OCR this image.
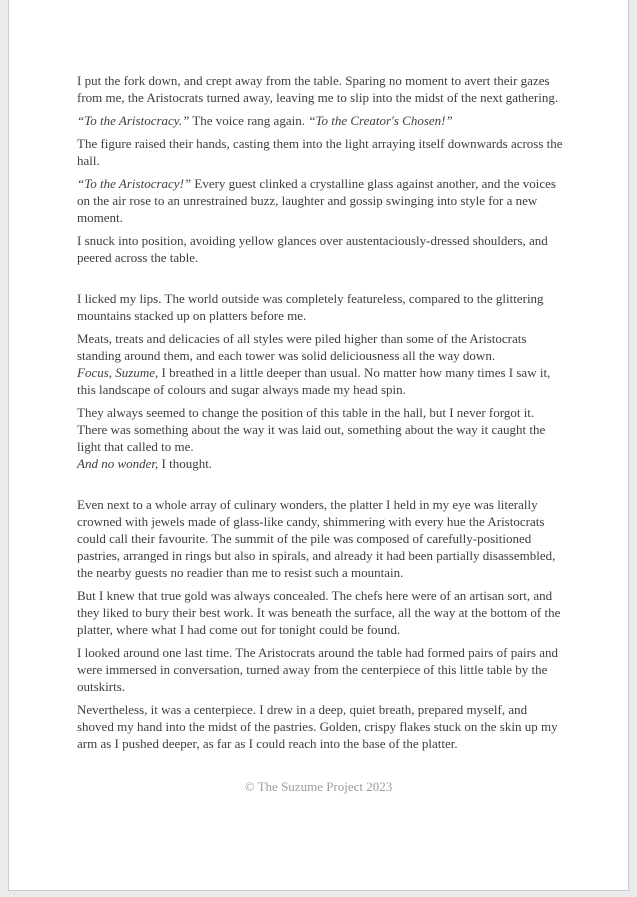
I put the fork down, and crept away from the table. Sparing no moment to avert their gazes from me, the Aristocrats turned away, leaving me to slip into the midst of the next gathering.

“To the Aristocracy.” The voice rang again. “To the Creator's Chosen!”

The figure raised their hands, casting them into the light arraying itself downwards across the hall.

“To the Aristocracy!” Every guest clinked a crystalline glass against another, and the voices on the air rose to an unrestrained buzz, laughter and gossip swinging into style for a new moment.

I snuck into position, avoiding yellow glances over austentaciously-dressed shoulders, and peered across the table.

I licked my lips. The world outside was completely featureless, compared to the glittering mountains stacked up on platters before me.

Meats, treats and delicacies of all styles were piled higher than some of the Aristocrats standing around them, and each tower was solid deliciousness all the way down.

Focus, Suzume, I breathed in a little deeper than usual. No matter how many times I saw it, this landscape of colours and sugar always made my head spin.

They always seemed to change the position of this table in the hall, but I never forgot it. There was something about the way it was laid out, something about the way it caught the light that called to me.

And no wonder, I thought.

Even next to a whole array of culinary wonders, the platter I held in my eye was literally crowned with jewels made of glass-like candy, shimmering with every hue the Aristocrats could call their favourite. The summit of the pile was composed of carefully-positioned pastries, arranged in rings but also in spirals, and already it had been partially disassembled, the nearby guests no readier than me to resist such a mountain.

But I knew that true gold was always concealed. The chefs here were of an artisan sort, and they liked to bury their best work. It was beneath the surface, all the way at the bottom of the platter, where what I had come out for tonight could be found.

I looked around one last time. The Aristocrats around the table had formed pairs of pairs and were immersed in conversation, turned away from the centerpiece of this little table by the outskirts.

Nevertheless, it was a centerpiece. I drew in a deep, quiet breath, prepared myself, and shoved my hand into the midst of the pastries. Golden, crispy flakes stuck on the skin up my arm as I pushed deeper, as far as I could reach into the base of the platter.

© The Suzume Project 2023
